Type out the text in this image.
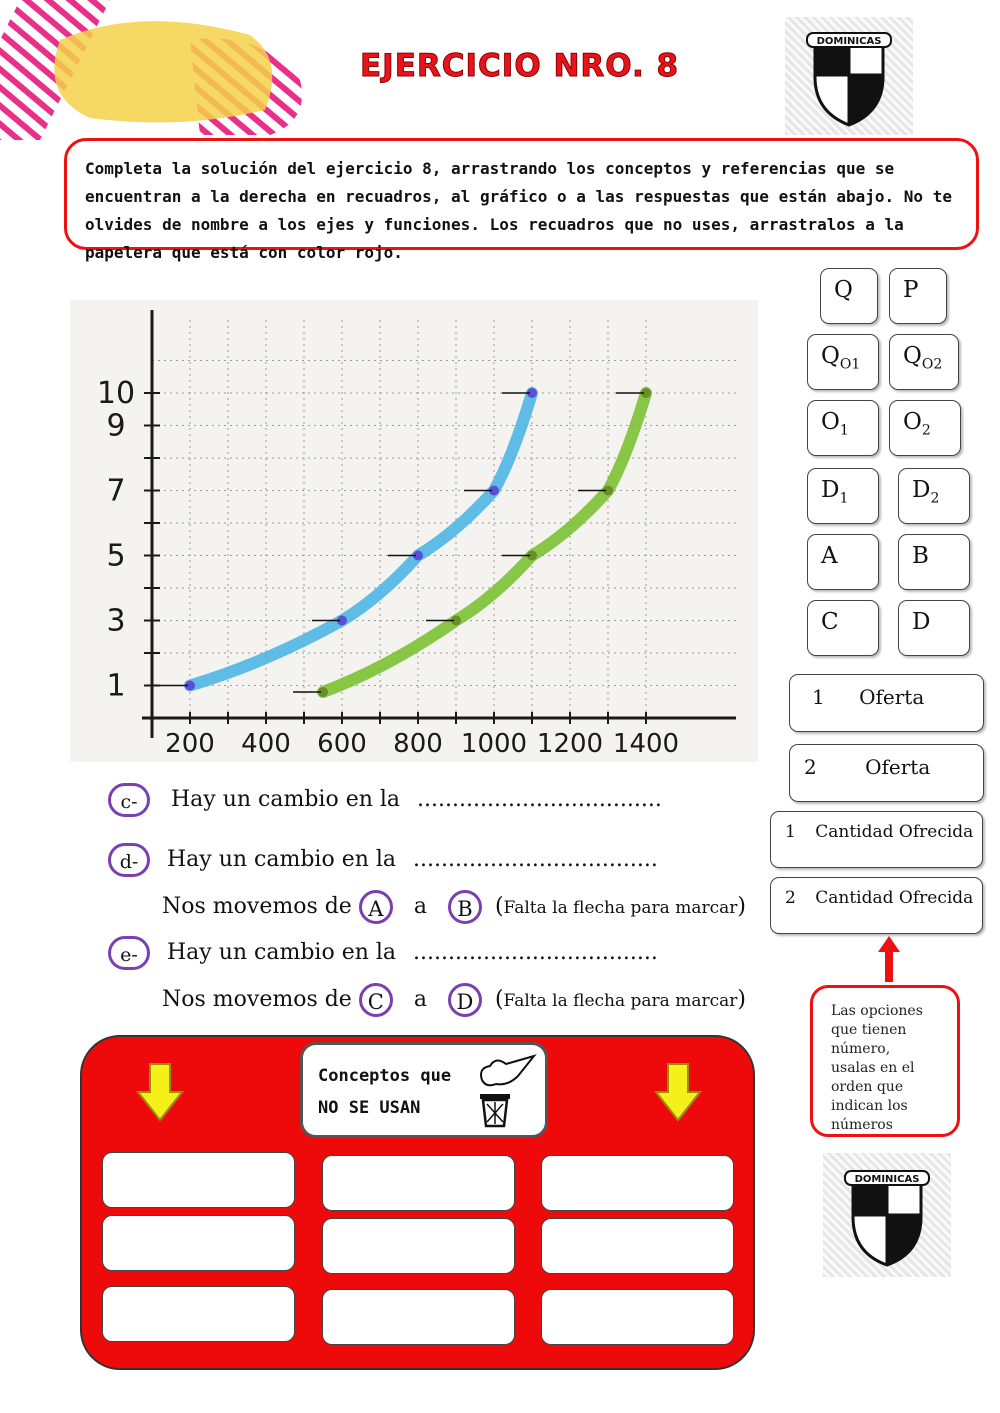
EJERCICIO NRO. 8
DOMINICAS
Completa la solución del ejercicio 8, arrastrando los conceptos y referencias que se encuentran a la derecha en recuadros, al gráfico o a las respuestas que están abajo. No te olvides de nombre a los ejes y funciones. Los recuadros que no uses, arrastralos a la papelera que está con color rojo.
200 400 600 800 1000 1200 1400
1
3
5
7
9
10
Q	P
$Q_{O1}$	$Q_{O2}$
$O_1$	$O_2$
$D_1$	$D_2$
A	B
C	D
1 Oferta
2 Oferta
1 Cantidad Ofrecida
2 Cantidad Ofrecida
Las opciones que tienen número, usalas en el orden que indican los números
c- Hay un cambio en la ...................................
d- Hay un cambio en la ...................................
Nos movemos de A a B (Falta la flecha para marcar)
e- Hay un cambio en la ...................................
Nos movemos de C a D (Falta la flecha para marcar)
Conceptos que
NO SE USAN
DOMINICAS
